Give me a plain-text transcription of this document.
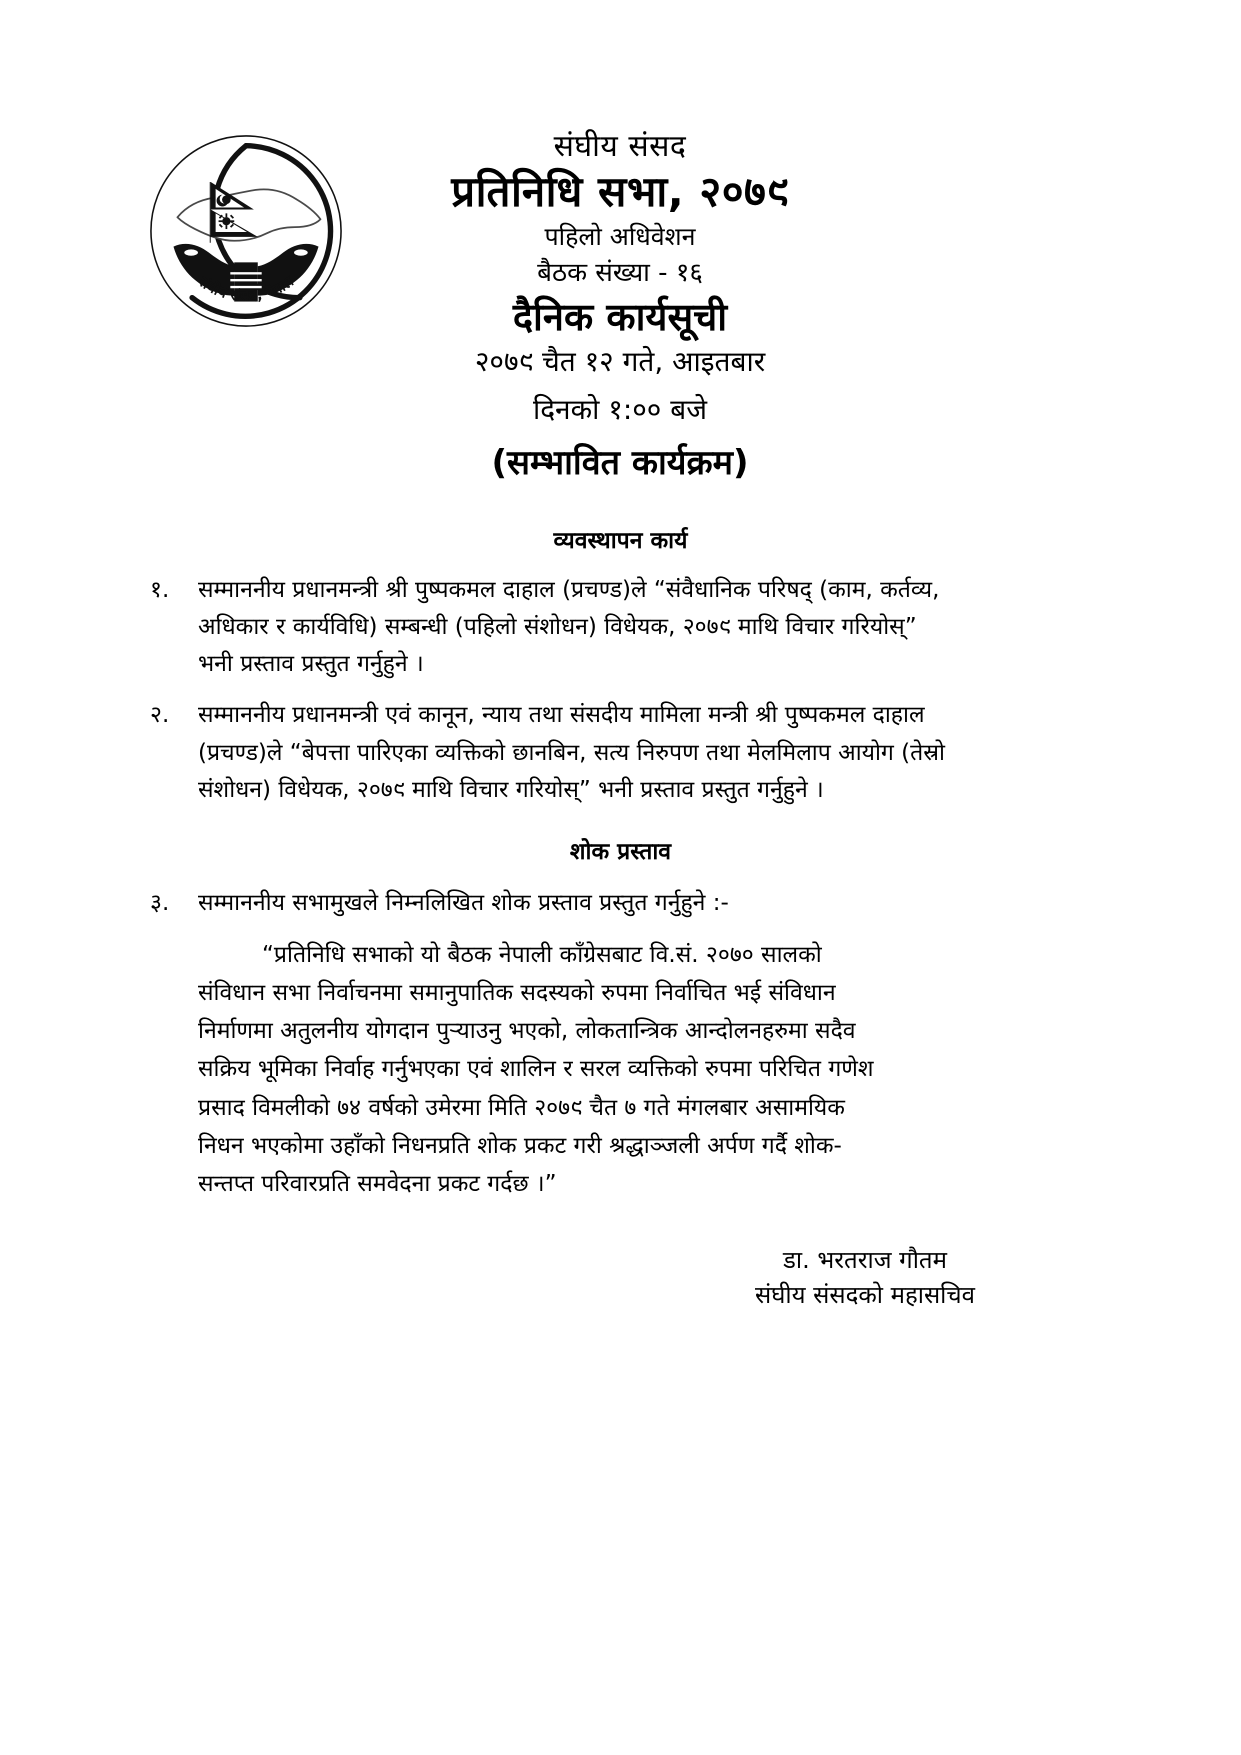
संघीय संसद, नेपाल
संघीय संसद
प्रतिनिधि सभा, २०७९
पहिलो अधिवेशन
बैठक संख्या - १६
दैनिक कार्यसूची
२०७९ चैत १२ गते, आइतबार
दिनको १:०० बजे
(सम्भावित कार्यक्रम)
व्यवस्थापन कार्य
१.	सम्माननीय प्रधानमन्त्री श्री पुष्पकमल दाहाल (प्रचण्ड)ले “संवैधानिक परिषद् (काम, कर्तव्य,

अधिकार र कार्यविधि) सम्बन्धी (पहिलो संशोधन) विधेयक, २०७९ माथि विचार गरियोस्”

भनी प्रस्ताव प्रस्तुत गर्नुहुने ।

२.	सम्माननीय प्रधानमन्त्री एवं कानून, न्याय तथा संसदीय मामिला मन्त्री श्री पुष्पकमल दाहाल

(प्रचण्ड)ले “बेपत्ता पारिएका व्यक्तिको छानबिन, सत्य निरुपण तथा मेलमिलाप आयोग (तेस्रो

संशोधन) विधेयक, २०७९ माथि विचार गरियोस्” भनी प्रस्ताव प्रस्तुत गर्नुहुने ।

शोक प्रस्ताव
३.	सम्माननीय सभामुखले निम्नलिखित शोक प्रस्ताव प्रस्तुत गर्नुहुने :-

“प्रतिनिधि सभाको यो बैठक नेपाली काँग्रेसबाट वि.सं. २०७० सालको

संविधान सभा निर्वाचनमा समानुपातिक सदस्यको रुपमा निर्वाचित भई संविधान

निर्माणमा अतुलनीय योगदान पुर्‍याउनु भएको, लोकतान्त्रिक आन्दोलनहरुमा सदैव

सक्रिय भूमिका निर्वाह गर्नुभएका एवं शालिन र सरल व्यक्तिको रुपमा परिचित गणेश

प्रसाद विमलीको ७४ वर्षको उमेरमा मिति २०७९ चैत ७ गते मंगलबार असामयिक

निधन भएकोमा उहाँको निधनप्रति शोक प्रकट गरी श्रद्धाञ्जली अर्पण गर्दै शोक-

सन्तप्त परिवारप्रति समवेदना प्रकट गर्दछ ।”

डा. भरतराज गौतम
संघीय संसदको महासचिव
